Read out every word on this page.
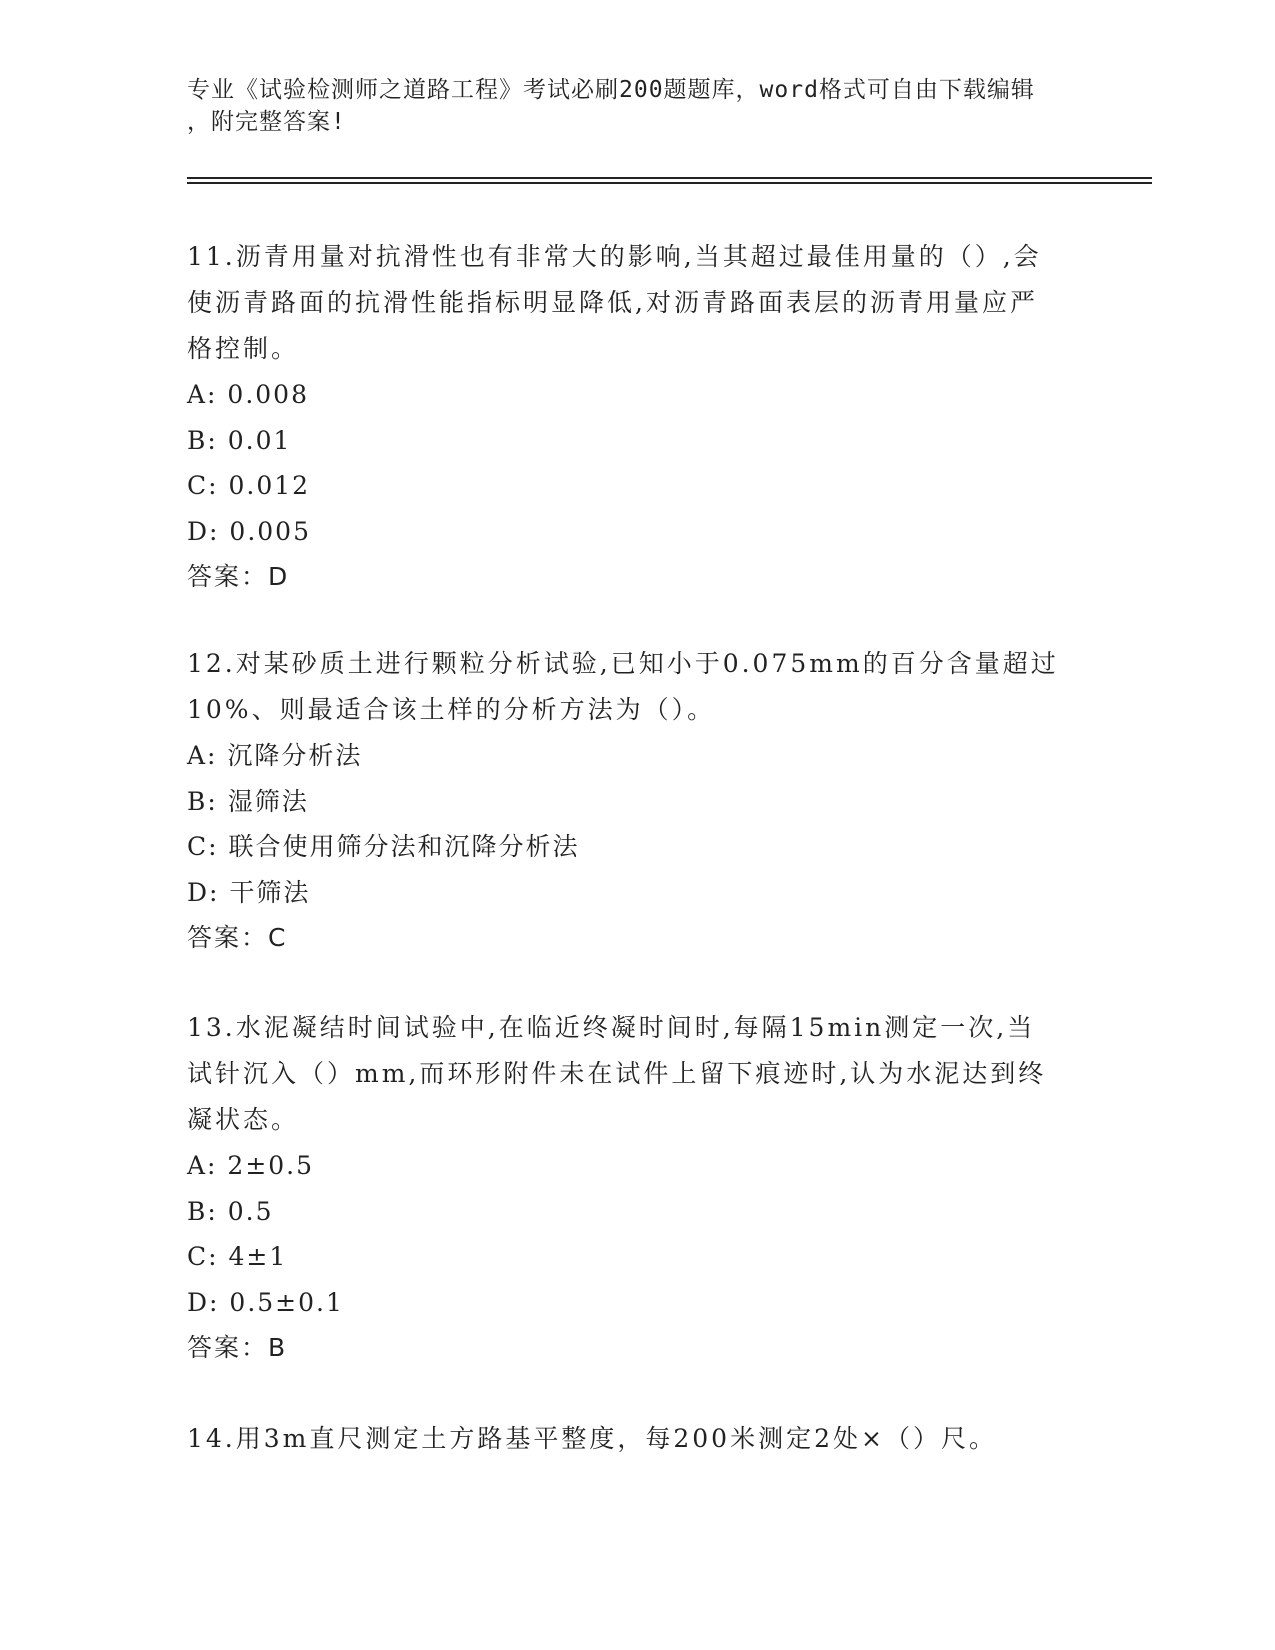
专业《试验检测师之道路工程》考试必刷200题题库，word格式可自由下载编辑
，附完整答案!
11.沥青用量对抗滑性也有非常大的影响,当其超过最佳用量的（）,会
使沥青路面的抗滑性能指标明显降低,对沥青路面表层的沥青用量应严
格控制。
A: 0.008
B: 0.01
C: 0.012
D: 0.005
答案：D
12.对某砂质土进行颗粒分析试验,已知小于0.075mm的百分含量超过
10%、则最适合该土样的分析方法为（）。
A: 沉降分析法
B: 湿筛法
C: 联合使用筛分法和沉降分析法
D: 干筛法
答案：C
13.水泥凝结时间试验中,在临近终凝时间时,每隔15min测定一次,当
试针沉入（）mm,而环形附件未在试件上留下痕迹时,认为水泥达到终
凝状态。
A: 2±0.5
B: 0.5
C: 4±1
D: 0.5±0.1
答案：B
14.用3m直尺测定土方路基平整度，每200米测定2处×（）尺。
